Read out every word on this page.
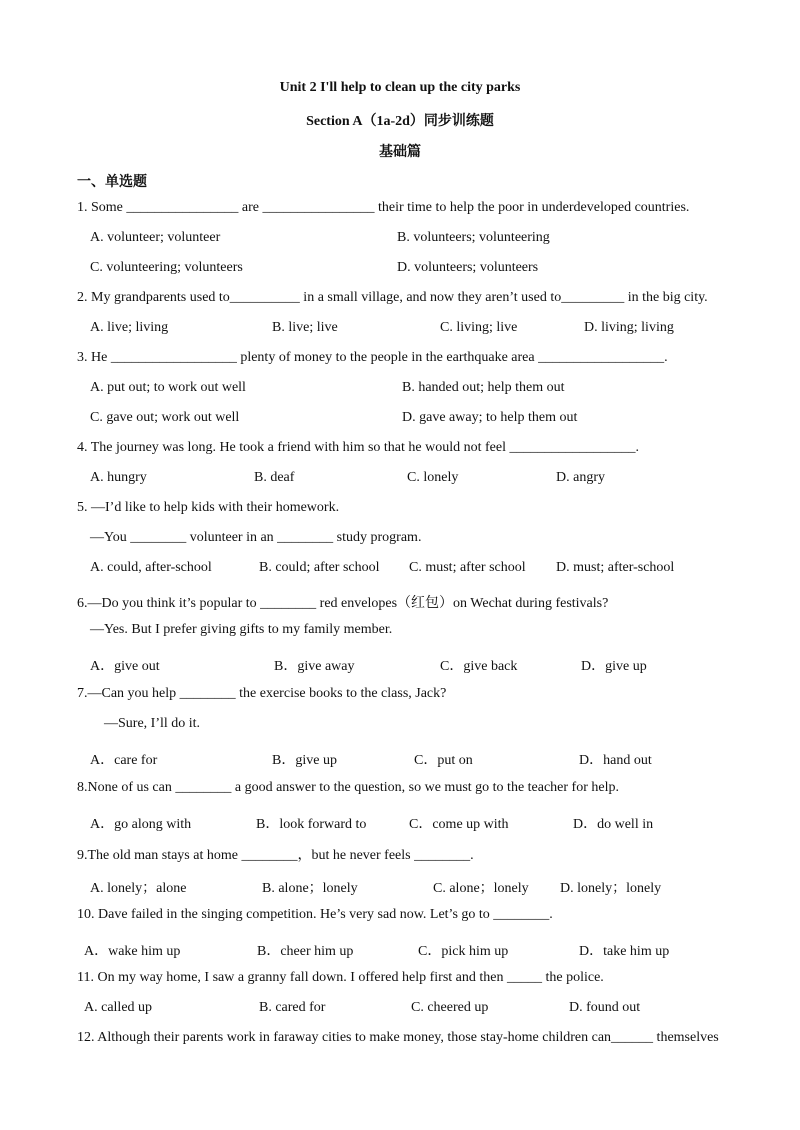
Unit 2 I'll help to clean up the city parks
Section A（1a-2d）同步训练题
基础篇
一、单选题
1. Some ________________ are ________________ their time to help the poor in underdeveloped countries.
A. volunteer; volunteer	B. volunteers; volunteering
C. volunteering; volunteers	D. volunteers; volunteers
2. My grandparents used to__________ in a small village, and now they aren’t used to_________ in the big city.
A. live; living	B. live; live	C. living; live	D. living; living
3. He __________________ plenty of money to the people in the earthquake area __________________.
A. put out; to work out well	B. handed out; help them out
C. gave out; work out well	D. gave away; to help them out
4. The journey was long. He took a friend with him so that he would not feel __________________.
A. hungry	B. deaf	C. lonely	D. angry
5. —I’d like to help kids with their homework.
—You ________ volunteer in an ________ study program.
A. could, after-school	B. could; after school C. must; after school D. must; after-school
6.—Do you think it’s popular to ________ red envelopes（红包）on Wechat during festivals?
—Yes. But I prefer giving gifts to my family member.
A．give out	B．give away	C．give back	D．give up
7.—Can you help ________ the exercise books to the class, Jack?
—Sure, I’ll do it.
A．care for	B．give up	C．put on	D．hand out
8.None of us can ________ a good answer to the question, so we must go to the teacher for help.
A．go along with	B．look forward to	C．come up with	D．do well in
9.The old man stays at home ________，but he never feels ________.
A. lonely；alone	B. alone；lonely	C. alone；lonely D. lonely；lonely
10. Dave failed in the singing competition. He’s very sad now. Let’s go to ________.
A．wake him up	B．cheer him up	C．pick him up	D．take him up
11. On my way home, I saw a granny fall down. I offered help first and then _____ the police.
A. called up	B. cared for	C. cheered up	D. found out
12. Although their parents work in faraway cities to make money, those stay-home children can______ themselves
